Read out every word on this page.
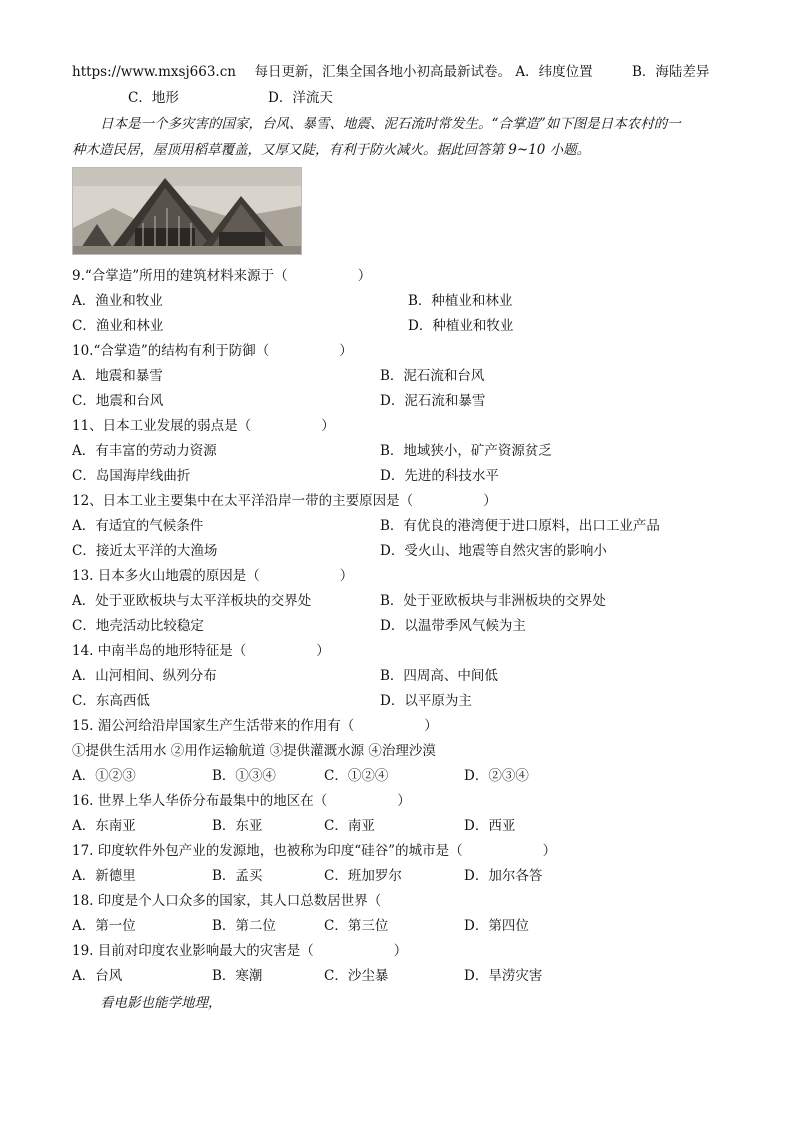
https://www.mxsj663.cn 每日更新，汇集全国各地小初高最新试卷。 A．纬度位置	B．海陆差异
C．地形	D．洋流天
日本是一个多灾害的国家，台风、暴雪、地震、泥石流时常发生。“合掌造”如下图是日本农村的一
种木造民居，屋顶用稻草覆盖，又厚又陡，有利于防火减火。据此回答第 9~10 小题。
9.“合掌造”所用的建筑材料来源于（	）
A．渔业和牧业	B．种植业和林业
C．渔业和林业	D．种植业和牧业
10.“合掌造”的结构有利于防御（	）
A．地震和暴雪	B．泥石流和台风
C．地震和台风	D．泥石流和暴雪
11、日本工业发展的弱点是（	）
A．有丰富的劳动力资源	B．地域狭小，矿产资源贫乏
C．岛国海岸线曲折	D．先进的科技水平
12、日本工业主要集中在太平洋沿岸一带的主要原因是（	）
A．有适宜的气候条件	B．有优良的港湾便于进口原料，出口工业产品
C．接近太平洋的大渔场	D．受火山、地震等自然灾害的影响小
13. 日本多火山地震的原因是（	）
A．处于亚欧板块与太平洋板块的交界处	B．处于亚欧板块与非洲板块的交界处
C．地壳活动比较稳定	D．以温带季风气候为主
14. 中南半岛的地形特征是（	）
A．山河相间、纵列分布	B．四周高、中间低
C．东高西低	D．以平原为主
15. 湄公河给沿岸国家生产生活带来的作用有（	）
①提供生活用水 ②用作运输航道 ③提供灌溉水源 ④治理沙漠
A．①②③	B．①③④	C．①②④	D．②③④
16. 世界上华人华侨分布最集中的地区在（	）
A．东南亚	B．东亚	C．南亚	D．西亚
17. 印度软件外包产业的发源地，也被称为印度“硅谷”的城市是（	）
A．新德里	B．孟买	C．班加罗尔	D．加尔各答
18. 印度是个人口众多的国家，其人口总数居世界（
A．第一位	B．第二位	C．第三位	D．第四位
19. 目前对印度农业影响最大的灾害是（	）
A．台风	B．寒潮	C．沙尘暴	D．旱涝灾害
看电影也能学地理，
